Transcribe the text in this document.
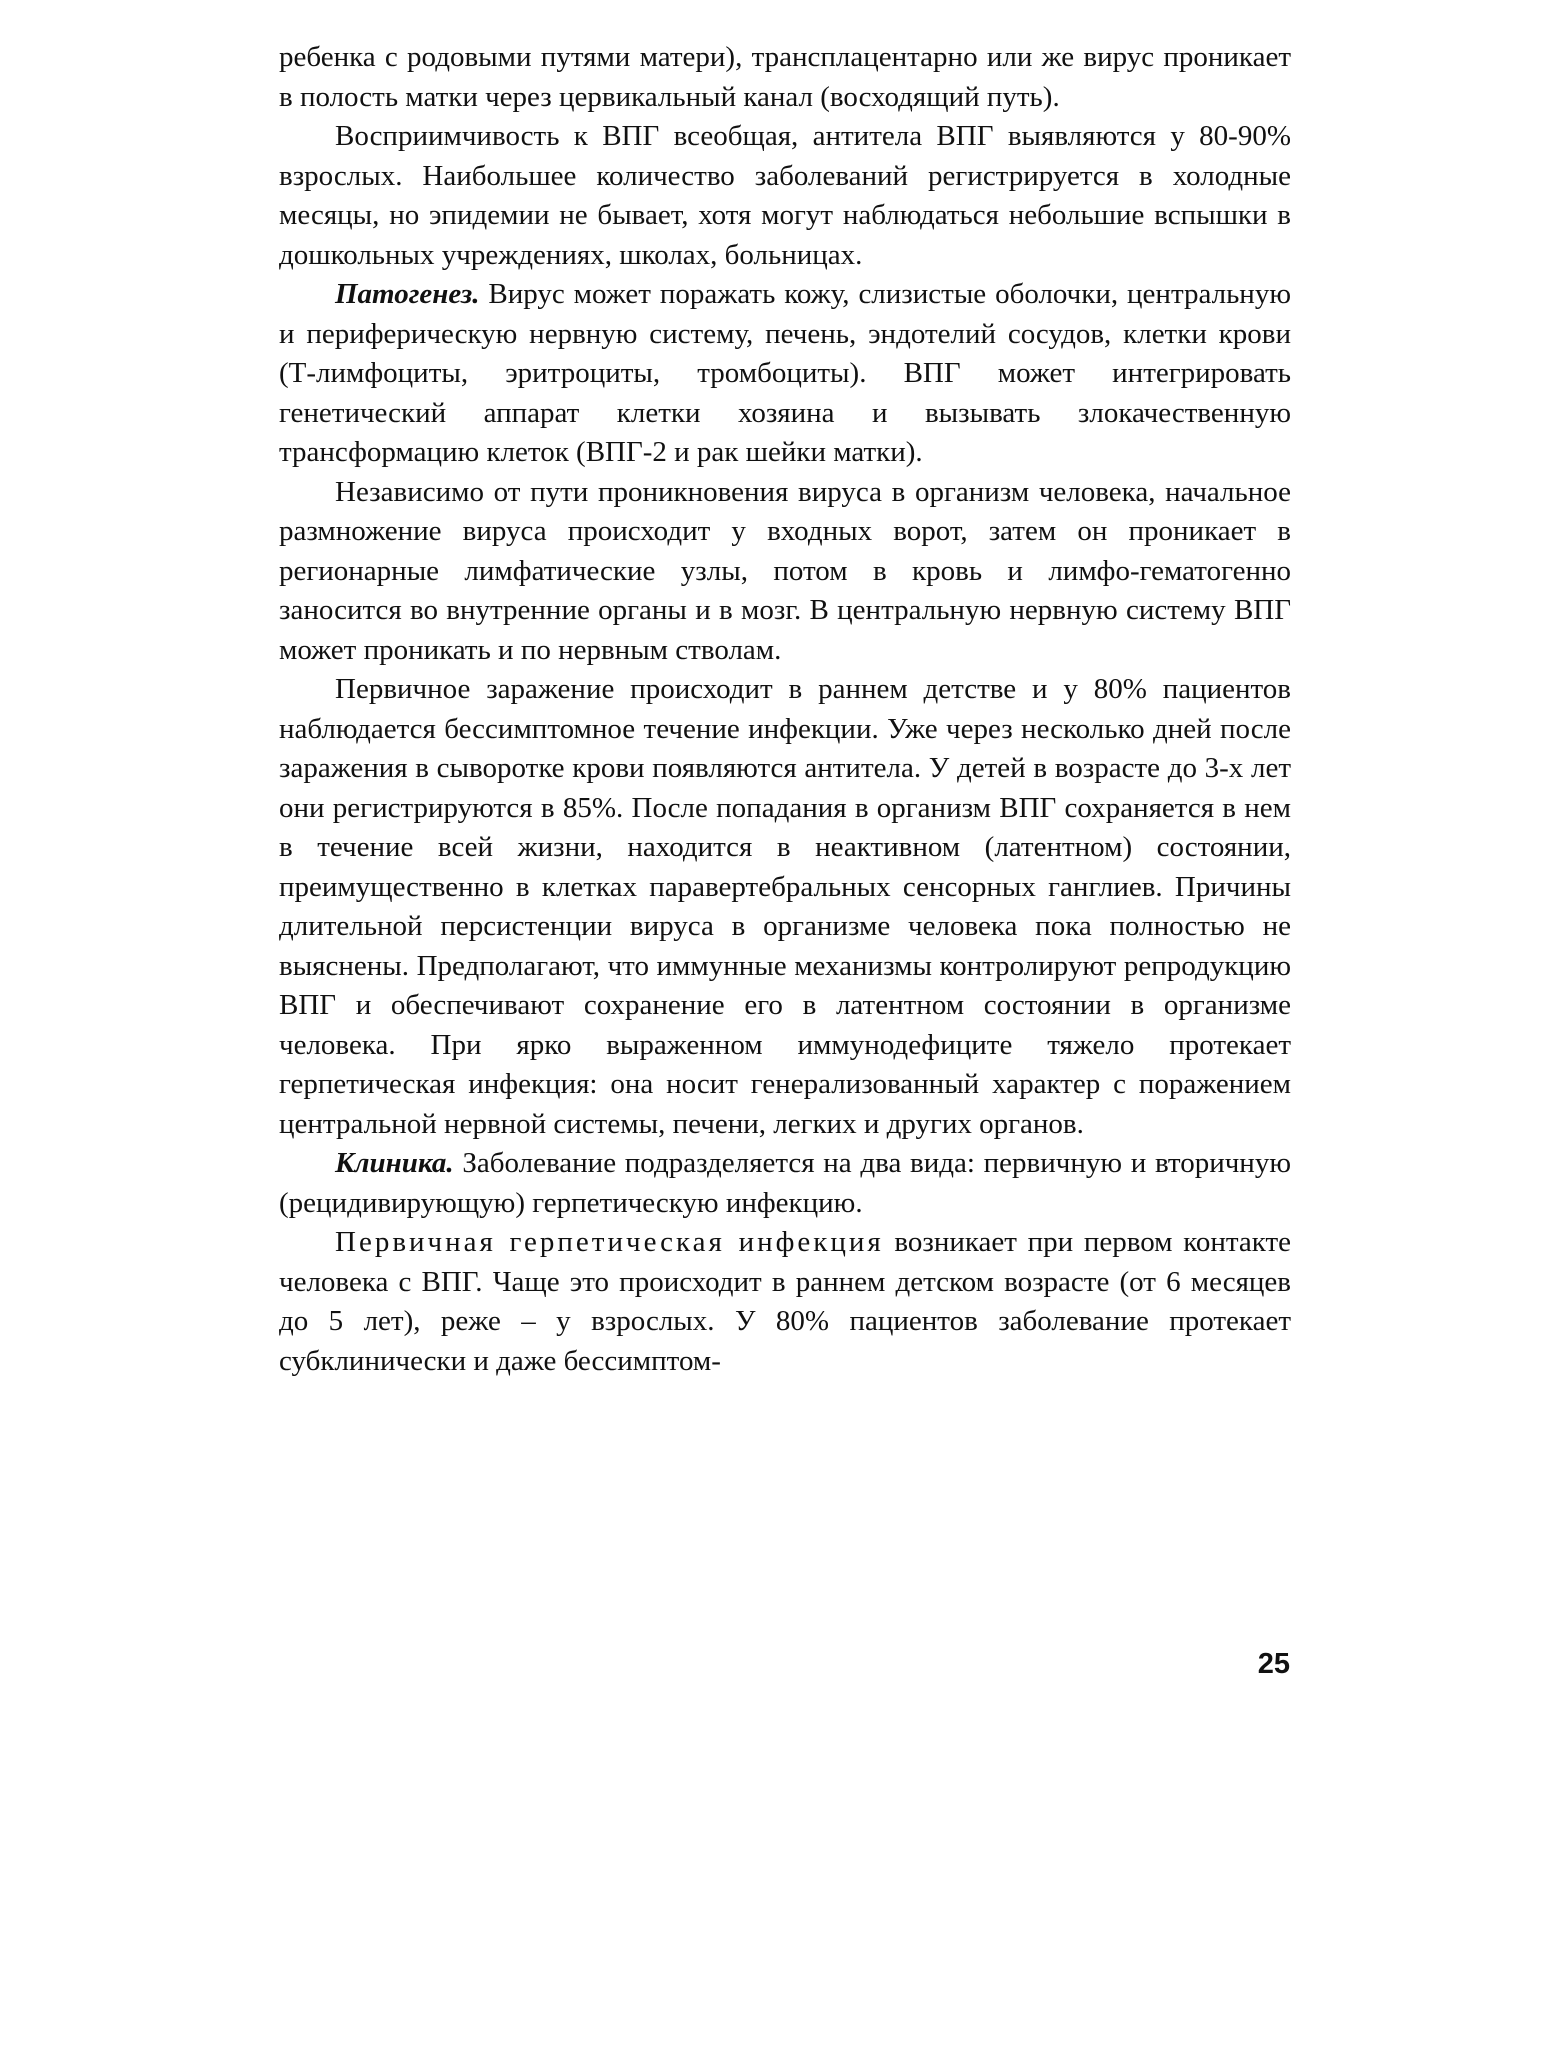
ребенка с родовыми путями матери), трансплацентарно или же вирус проникает в полость матки через цервикальный канал (восходящий путь).

Восприимчивость к ВПГ всеобщая, антитела ВПГ выявляются у 80-90% взрослых. Наибольшее количество заболеваний регистрируется в холодные месяцы, но эпидемии не бывает, хотя могут наблюдаться небольшие вспышки в дошкольных учреждениях, школах, больницах.

Патогенез. Вирус может поражать кожу, слизистые оболочки, центральную и периферическую нервную систему, печень, эндотелий сосудов, клетки крови (Т-лимфоциты, эритроциты, тромбоциты). ВПГ может интегрировать генетический аппарат клетки хозяина и вызывать злокачественную трансформацию клеток (ВПГ-2 и рак шейки матки).

Независимо от пути проникновения вируса в организм человека, начальное размножение вируса происходит у входных ворот, затем он проникает в регионарные лимфатические узлы, потом в кровь и лимфо-гематогенно заносится во внутренние органы и в мозг. В центральную нервную систему ВПГ может проникать и по нервным стволам.

Первичное заражение происходит в раннем детстве и у 80% пациентов наблюдается бессимптомное течение инфекции. Уже через несколько дней после заражения в сыворотке крови появляются антитела. У детей в возрасте до 3-х лет они регистрируются в 85%. После попадания в организм ВПГ сохраняется в нем в течение всей жизни, находится в неактивном (латентном) состоянии, преимущественно в клетках паравертебральных сенсорных ганглиев. Причины длительной персистенции вируса в организме человека пока полностью не выяснены. Предполагают, что иммунные механизмы контролируют репродукцию ВПГ и обеспечивают сохранение его в латентном состоянии в организме человека. При ярко выраженном иммунодефиците тяжело протекает герпетическая инфекция: она носит генерализованный характер с поражением центральной нервной системы, печени, легких и других органов.

Клиника. Заболевание подразделяется на два вида: первичную и вторичную (рецидивирующую) герпетическую инфекцию.

Первичная герпетическая инфекция возникает при первом контакте человека с ВПГ. Чаще это происходит в раннем детском возрасте (от 6 месяцев до 5 лет), реже – у взрослых. У 80% пациентов заболевание протекает субклинически и даже бессимптом-

25
